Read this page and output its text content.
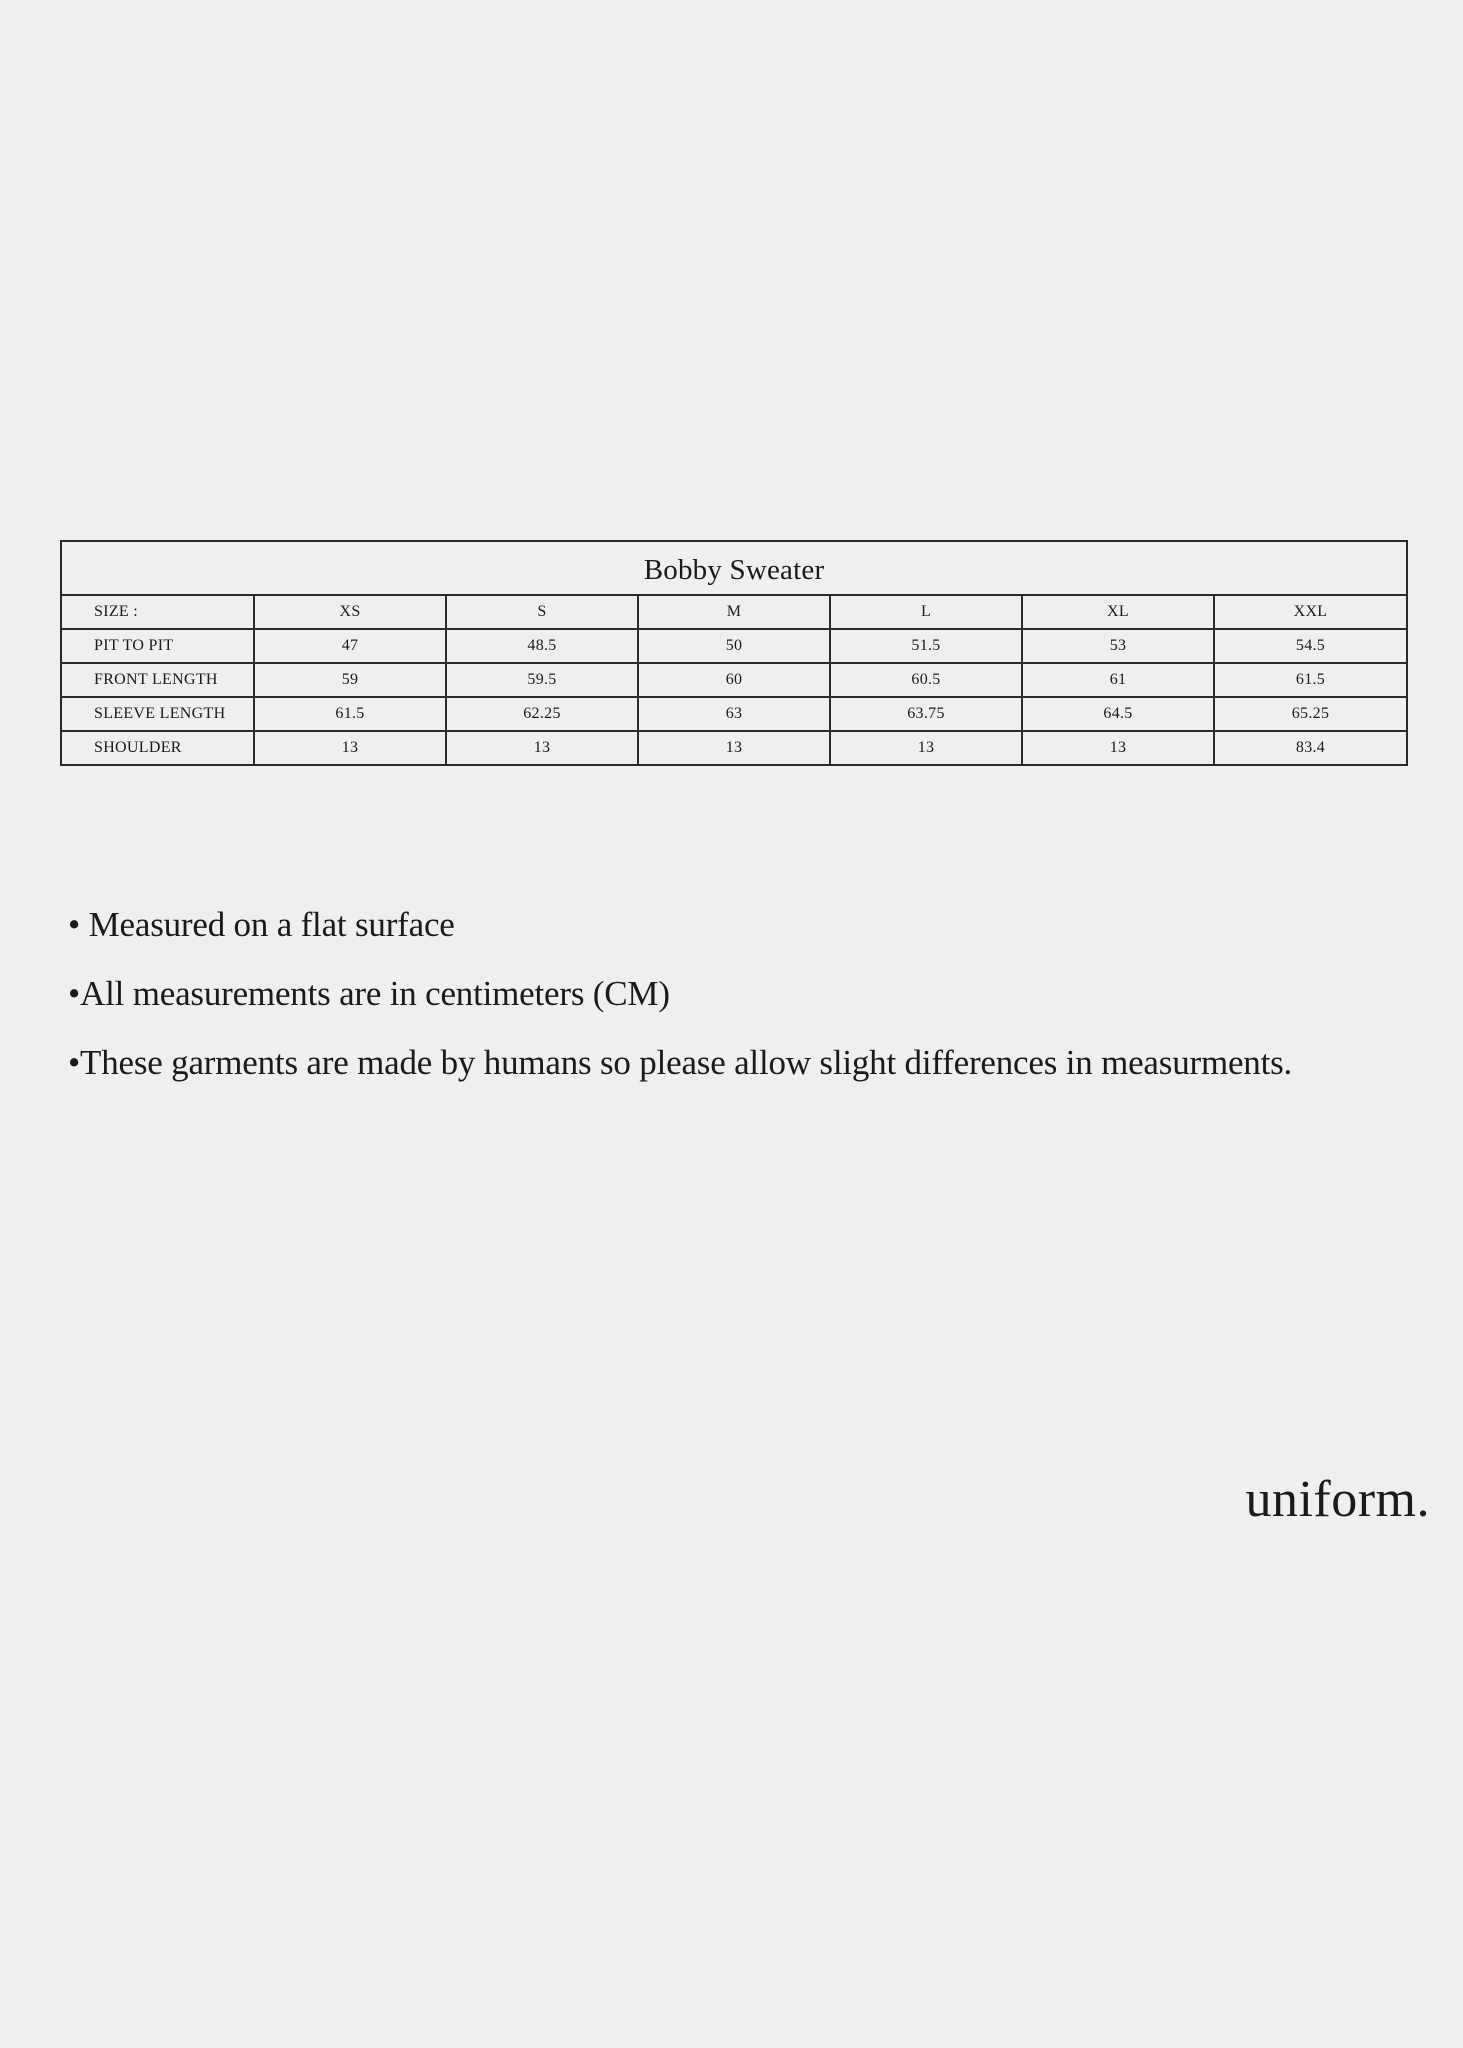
Bobby Sweater
SIZE :	XS	S	M	L	XL	XXL
PIT TO PIT	47	48.5	50	51.5	53	54.5
FRONT LENGTH	59	59.5	60	60.5	61	61.5
SLEEVE LENGTH	61.5	62.25	63	63.75	64.5	65.25
SHOULDER	13	13	13	13	13	83.4
• Measured on a flat surface
•All measurements are in centimeters (CM)
•These garments are made by humans so please allow slight differences in measurments.
uniform.
